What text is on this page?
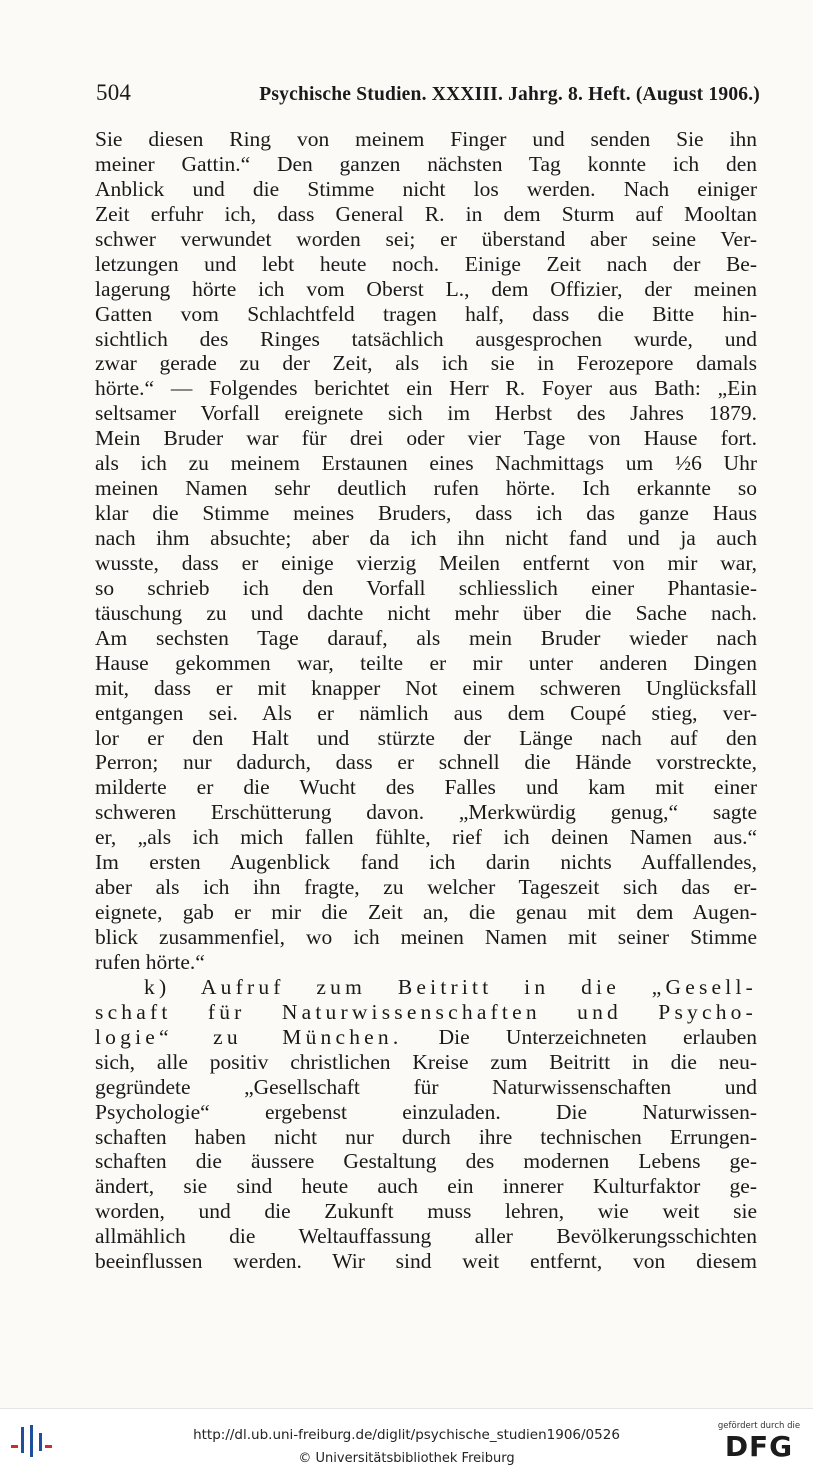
504	Psychische Studien. XXXIII. Jahrg. 8. Heft. (August 1906.)
Sie diesen Ring von meinem Finger und senden Sie ihn
meiner Gattin.“ Den ganzen nächsten Tag konnte ich den
Anblick und die Stimme nicht los werden. Nach einiger
Zeit erfuhr ich, dass General R. in dem Sturm auf Mooltan
schwer verwundet worden sei; er überstand aber seine Ver-
letzungen und lebt heute noch. Einige Zeit nach der Be-
lagerung hörte ich vom Oberst L., dem Offizier, der meinen
Gatten vom Schlachtfeld tragen half, dass die Bitte hin-
sichtlich des Ringes tatsächlich ausgesprochen wurde, und
zwar gerade zu der Zeit, als ich sie in Ferozepore damals
hörte.“ — Folgendes berichtet ein Herr R. Foyer aus Bath: „Ein
seltsamer Vorfall ereignete sich im Herbst des Jahres 1879.
Mein Bruder war für drei oder vier Tage von Hause fort.
als ich zu meinem Erstaunen eines Nachmittags um ½6 Uhr
meinen Namen sehr deutlich rufen hörte. Ich erkannte so
klar die Stimme meines Bruders, dass ich das ganze Haus
nach ihm absuchte; aber da ich ihn nicht fand und ja auch
wusste, dass er einige vierzig Meilen entfernt von mir war,
so schrieb ich den Vorfall schliesslich einer Phantasie-
täuschung zu und dachte nicht mehr über die Sache nach.
Am sechsten Tage darauf, als mein Bruder wieder nach
Hause gekommen war, teilte er mir unter anderen Dingen
mit, dass er mit knapper Not einem schweren Unglücksfall
entgangen sei. Als er nämlich aus dem Coupé stieg, ver-
lor er den Halt und stürzte der Länge nach auf den
Perron; nur dadurch, dass er schnell die Hände vorstreckte,
milderte er die Wucht des Falles und kam mit einer
schweren Erschütterung davon. „Merkwürdig genug,“ sagte
er, „als ich mich fallen fühlte, rief ich deinen Namen aus.“
Im ersten Augenblick fand ich darin nichts Auffallendes,
aber als ich ihn fragte, zu welcher Tageszeit sich das er-
eignete, gab er mir die Zeit an, die genau mit dem Augen-
blick zusammenfiel, wo ich meinen Namen mit seiner Stimme
rufen hörte.“
k) Aufruf zum Beitritt in die „Gesell-
schaft für Naturwissenschaften und Psycho-
logie“ zu München. Die Unterzeichneten erlauben
sich, alle positiv christlichen Kreise zum Beitritt in die neu-
gegründete „Gesellschaft für Naturwissenschaften und
Psychologie“ ergebenst einzuladen. Die Naturwissen-
schaften haben nicht nur durch ihre technischen Errungen-
schaften die äussere Gestaltung des modernen Lebens ge-
ändert, sie sind heute auch ein innerer Kulturfaktor ge-
worden, und die Zukunft muss lehren, wie weit sie
allmählich die Weltauffassung aller Bevölkerungsschichten
beeinflussen werden. Wir sind weit entfernt, von diesem
http://dl.ub.uni-freiburg.de/diglit/psychische_studien1906/0526
© Universitätsbibliothek Freiburg
gefördert durch die
DFG
